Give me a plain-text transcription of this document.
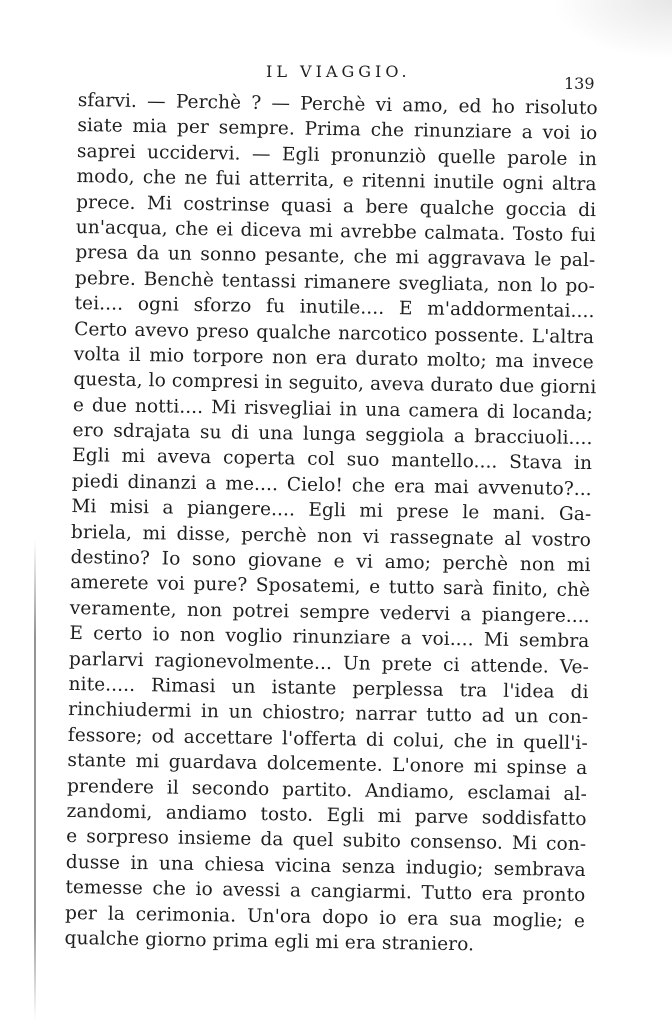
IL VIAGGIO.
139
sfarvi. — Perchè ? — Perchè vi amo, ed ho risoluto
siate mia per sempre. Prima che rinunziare a voi io
saprei uccidervi. — Egli pronunziò quelle parole in
modo, che ne fui atterrita, e ritenni inutile ogni altra
prece. Mi costrinse quasi a bere qualche goccia di
un'acqua, che ei diceva mi avrebbe calmata. Tosto fui
presa da un sonno pesante, che mi aggravava le pal-
pebre. Benchè tentassi rimanere svegliata, non lo po-
tei.... ogni sforzo fu inutile.... E m'addormentai....
Certo avevo preso qualche narcotico possente. L'altra
volta il mio torpore non era durato molto; ma invece
questa, lo compresi in seguito, aveva durato due giorni
e due notti.... Mi risvegliai in una camera di locanda;
ero sdrajata su di una lunga seggiola a bracciuoli....
Egli mi aveva coperta col suo mantello.... Stava in
piedi dinanzi a me.... Cielo! che era mai avvenuto?...
Mi misi a piangere.... Egli mi prese le mani. Ga-
briela, mi disse, perchè non vi rassegnate al vostro
destino? Io sono giovane e vi amo; perchè non mi
amerete voi pure? Sposatemi, e tutto sarà finito, chè
veramente, non potrei sempre vedervi a piangere....
E certo io non voglio rinunziare a voi.... Mi sembra
parlarvi ragionevolmente... Un prete ci attende. Ve-
nite..... Rimasi un istante perplessa tra l'idea di
rinchiudermi in un chiostro; narrar tutto ad un con-
fessore; od accettare l'offerta di colui, che in quell'i-
stante mi guardava dolcemente. L'onore mi spinse a
prendere il secondo partito. Andiamo, esclamai al-
zandomi, andiamo tosto. Egli mi parve soddisfatto
e sorpreso insieme da quel subito consenso. Mi con-
dusse in una chiesa vicina senza indugio; sembrava
temesse che io avessi a cangiarmi. Tutto era pronto
per la cerimonia. Un'ora dopo io era sua moglie; e
qualche giorno prima egli mi era straniero.
